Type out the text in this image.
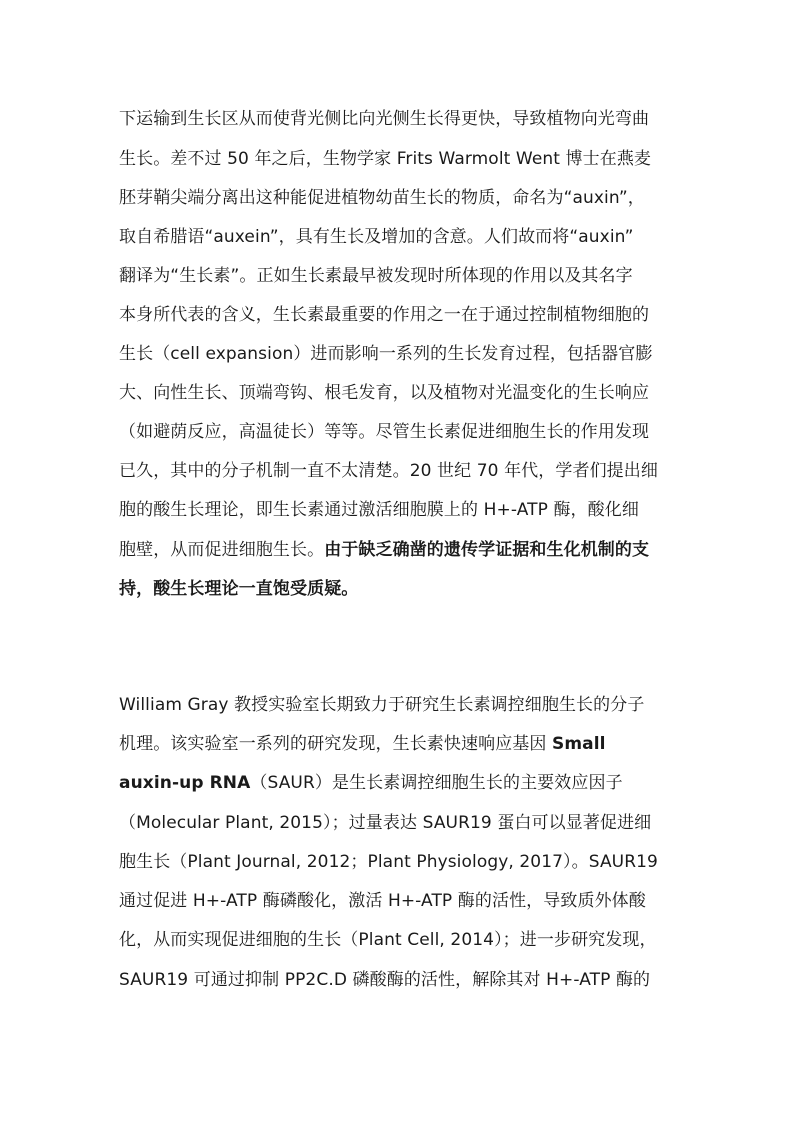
下运输到生长区从而使背光侧比向光侧生长得更快，导致植物向光弯曲
生长。差不过 50 年之后，生物学家 Frits Warmolt Went 博士在燕麦
胚芽鞘尖端分离出这种能促进植物幼苗生长的物质，命名为“auxin”，
取自希腊语“auxein”，具有生长及增加的含意。人们故而将“auxin”
翻译为“生长素”。正如生长素最早被发现时所体现的作用以及其名字
本身所代表的含义，生长素最重要的作用之一在于通过控制植物细胞的
生长（cell expansion）进而影响一系列的生长发育过程，包括器官膨
大、向性生长、顶端弯钩、根毛发育，以及植物对光温变化的生长响应
（如避荫反应，高温徒长）等等。尽管生长素促进细胞生长的作用发现
已久，其中的分子机制一直不太清楚。20 世纪 70 年代，学者们提出细
胞的酸生长理论，即生长素通过激活细胞膜上的 H+-ATP 酶，酸化细
胞壁，从而促进细胞生长。由于缺乏确凿的遗传学证据和生化机制的支
持，酸生长理论一直饱受质疑。
William Gray 教授实验室长期致力于研究生长素调控细胞生长的分子
机理。该实验室一系列的研究发现，生长素快速响应基因 Small
auxin-up RNA（SAUR）是生长素调控细胞生长的主要效应因子
（Molecular Plant, 2015）；过量表达 SAUR19 蛋白可以显著促进细
胞生长（Plant Journal, 2012；Plant Physiology, 2017）。SAUR19
通过促进 H+-ATP 酶磷酸化，激活 H+-ATP 酶的活性，导致质外体酸
化，从而实现促进细胞的生长（Plant Cell, 2014）；进一步研究发现，
SAUR19 可通过抑制 PP2C.D 磷酸酶的活性，解除其对 H+-ATP 酶的
